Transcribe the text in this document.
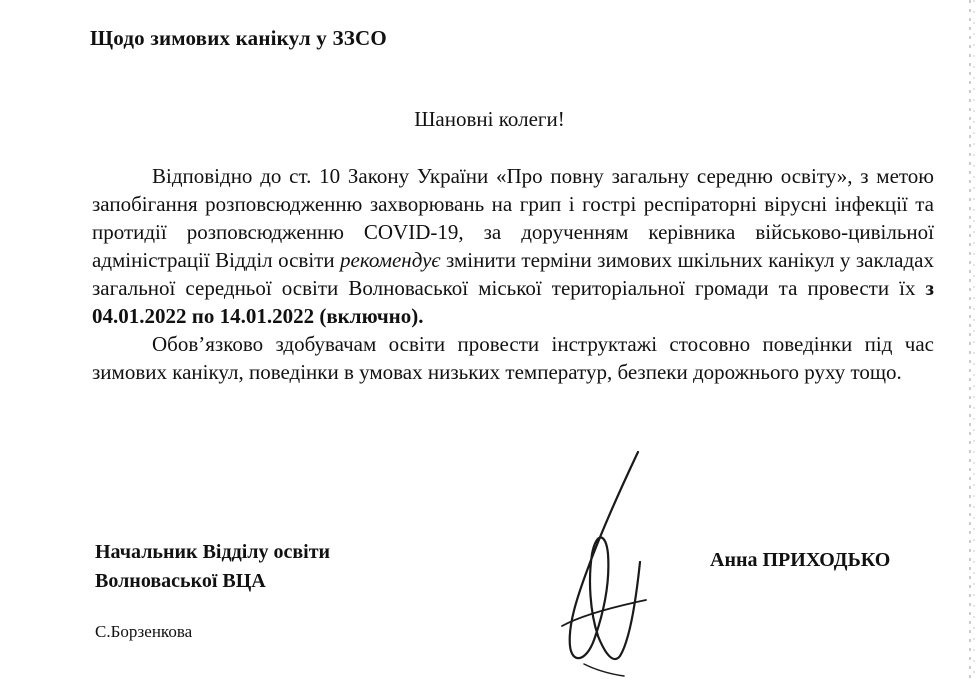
Щодо зимових канікул у ЗЗСО
Шановні колеги!

Відповідно до ст. 10 Закону України «Про повну загальну середню освіту», з метою запобігання розповсюдженню захворювань на грип і гострі респіраторні вірусні інфекції та протидії розповсюдженню COVID-19, за дорученням керівника військово-цивільної адміністрації Відділ освіти рекомендує змінити терміни зимових шкільних канікул у закладах загальної середньої освіти Волноваської міської територіальної громади та провести їх з 04.01.2022 по 14.01.2022 (включно).

Обов’язково здобувачам освіти провести інструктажі стосовно поведінки під час зимових канікул, поведінки в умовах низьких температур, безпеки дорожнього руху тощо.

Начальник Відділу освіти
Волноваської ВЦА
Анна ПРИХОДЬКО
С.Борзенкова
